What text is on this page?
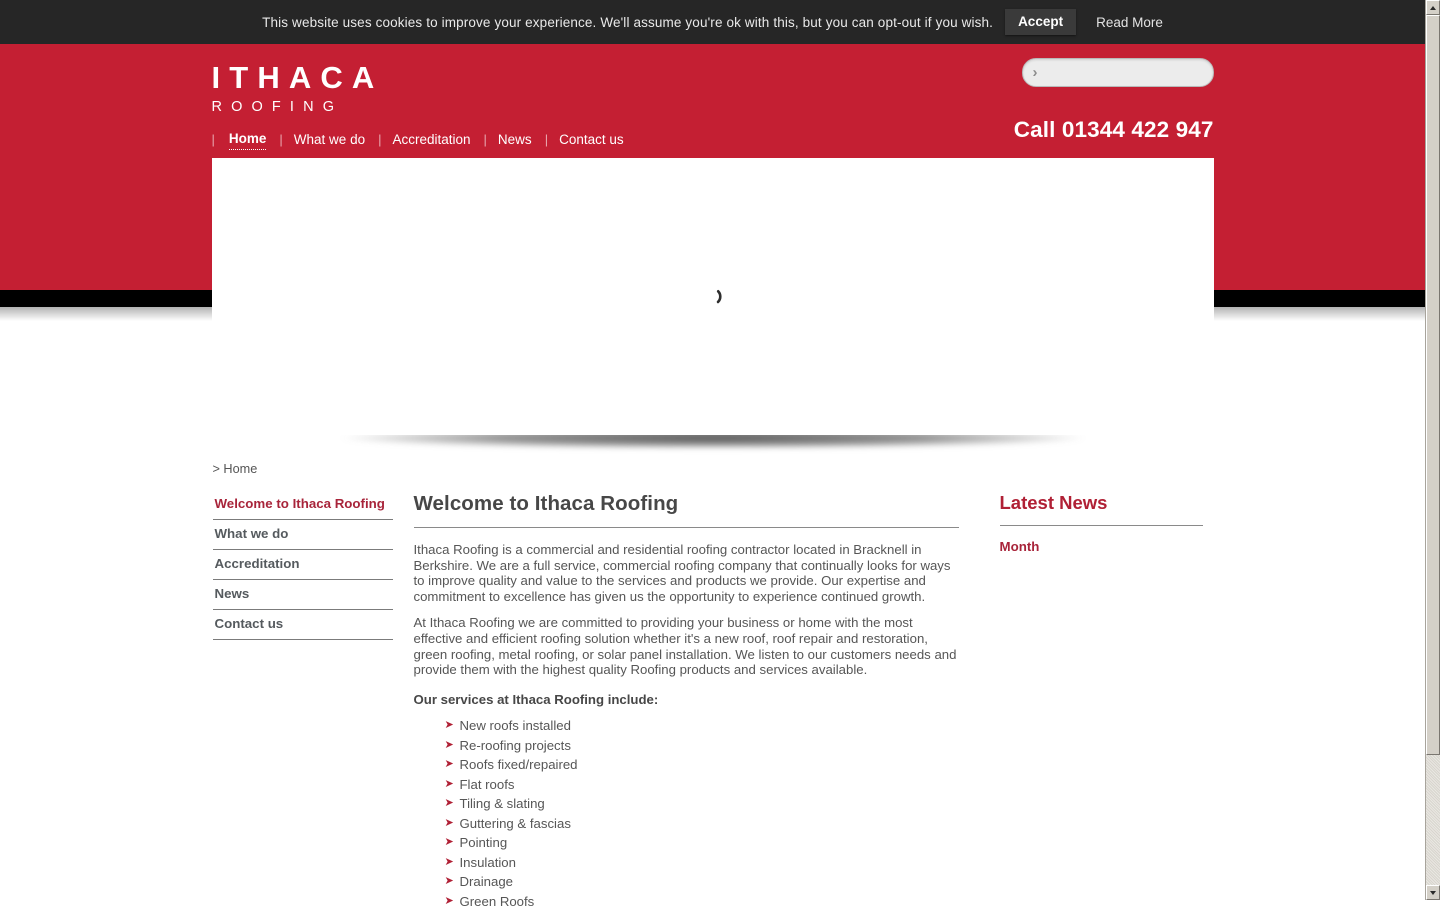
This website uses cookies to improve your experience. We'll assume you're ok with this, but you can opt-out if you wish.	Accept	Read More
ITHACA
ROOFING
| Home | What we do | Accreditation | News | Contact us
›
Call 01344 422 947
> Home
Welcome to Ithaca Roofing
What we do
Accreditation
News
Contact us
Welcome to Ithaca Roofing

Ithaca Roofing is a commercial and residential roofing contractor located in Bracknell in Berkshire. We are a full service, commercial roofing company that continually looks for ways to improve quality and value to the services and products we provide. Our expertise and commitment to excellence has given us the opportunity to experience continued growth.

At Ithaca Roofing we are committed to providing your business or home with the most effective and efficient roofing solution whether it's a new roof, roof repair and restoration, green roofing, metal roofing, or solar panel installation. We listen to our customers needs and provide them with the highest quality Roofing products and services available.

Our services at Ithaca Roofing include:

➤ New roofs installed
➤ Re-roofing projects
➤ Roofs fixed/repaired
➤ Flat roofs
➤ Tiling & slating
➤ Guttering & fascias
➤ Pointing
➤ Insulation
➤ Drainage
➤ Green Roofs
Latest News
Month
